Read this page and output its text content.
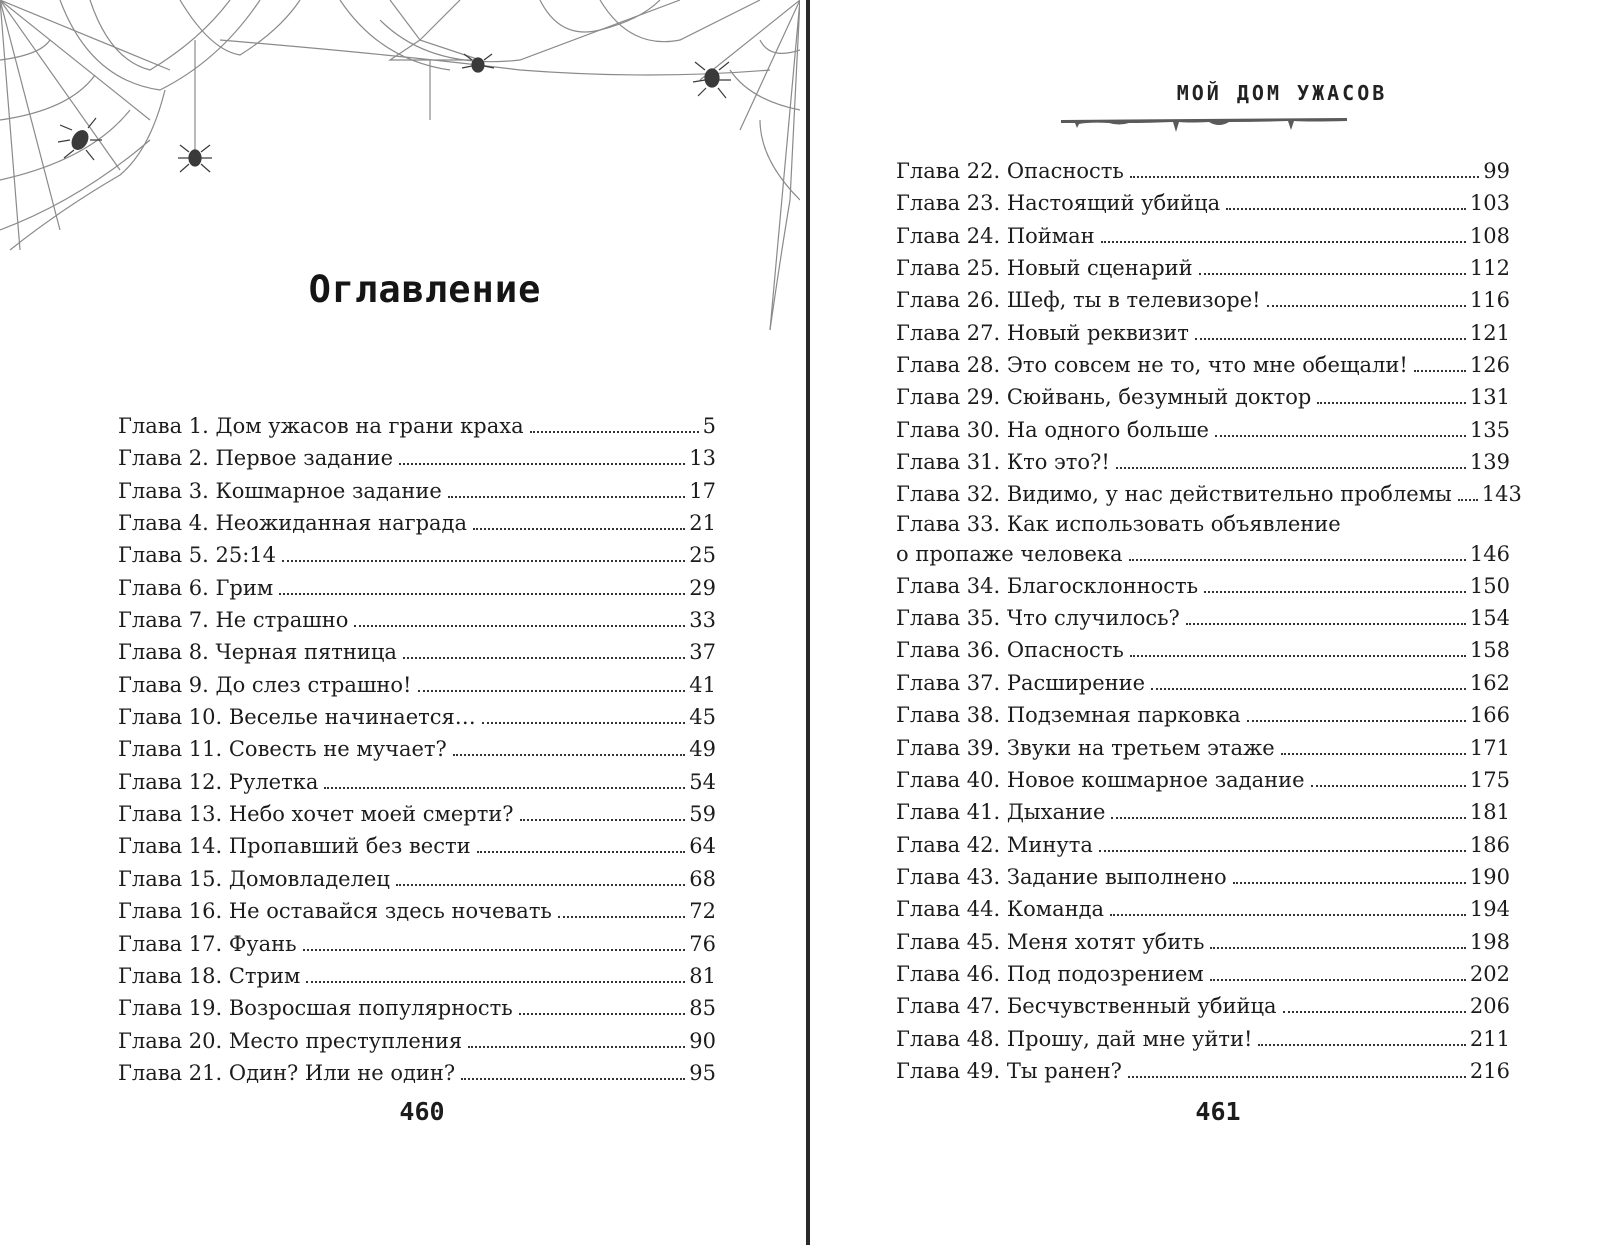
Оглавление
Глава 1. Дом ужасов на грани краха	5
Глава 2. Первое задание	13
Глава 3. Кошмарное задание	17
Глава 4. Неожиданная награда	21
Глава 5. 25:14	25
Глава 6. Грим	29
Глава 7. Не страшно	33
Глава 8. Черная пятница	37
Глава 9. До слез страшно!	41
Глава 10. Веселье начинается…	45
Глава 11. Совесть не мучает?	49
Глава 12. Рулетка	54
Глава 13. Небо хочет моей смерти?	59
Глава 14. Пропавший без вести	64
Глава 15. Домовладелец	68
Глава 16. Не оставайся здесь ночевать	72
Глава 17. Фуань	76
Глава 18. Стрим	81
Глава 19. Возросшая популярность	85
Глава 20. Место преступления	90
Глава 21. Один? Или не один?	95
460
МОЙ ДОМ УЖАСОВ
Глава 22. Опасность	99
Глава 23. Настоящий убийца	103
Глава 24. Пойман	108
Глава 25. Новый сценарий	112
Глава 26. Шеф, ты в телевизоре!	116
Глава 27. Новый реквизит	121
Глава 28. Это совсем не то, что мне обещали!	126
Глава 29. Сюйвань, безумный доктор	131
Глава 30. На одного больше	135
Глава 31. Кто это?!	139
Глава 32. Видимо, у нас действительно проблемы 143
Глава 33. Как использовать объявление
о пропаже человека	146
Глава 34. Благосклонность	150
Глава 35. Что случилось?	154
Глава 36. Опасность	158
Глава 37. Расширение	162
Глава 38. Подземная парковка	166
Глава 39. Звуки на третьем этаже	171
Глава 40. Новое кошмарное задание	175
Глава 41. Дыхание	181
Глава 42. Минута	186
Глава 43. Задание выполнено	190
Глава 44. Команда	194
Глава 45. Меня хотят убить	198
Глава 46. Под подозрением	202
Глава 47. Бесчувственный убийца	206
Глава 48. Прошу, дай мне уйти!	211
Глава 49. Ты ранен?	216
461
